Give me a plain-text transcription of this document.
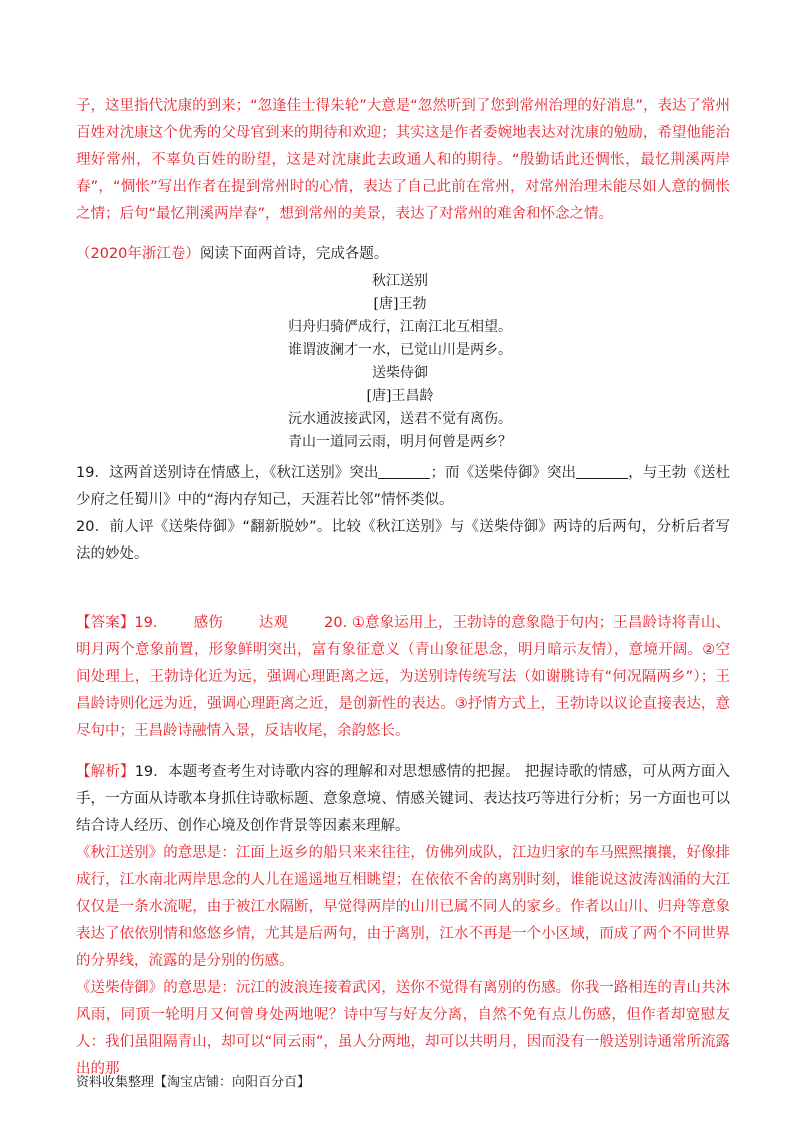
子，这里指代沈康的到来；“忽逢佳士得朱轮”大意是“忽然听到了您到常州治理的好消息”，表达了常州百姓对沈康这个优秀的父母官到来的期待和欢迎；其实这是作者委婉地表达对沈康的勉励，希望他能治理好常州，不辜负百姓的盼望，这是对沈康此去政通人和的期待。“殷勤话此还惆怅，最忆荆溪两岸春”，“惆怅”写出作者在提到常州时的心情，表达了自己此前在常州，对常州治理未能尽如人意的惆怅之情；后句“最忆荆溪两岸春”，想到常州的美景，表达了对常州的难舍和怀念之情。

（2020年浙江卷）阅读下面两首诗，完成各题。

秋江送别
[唐]王勃
归舟归骑俨成行，江南江北互相望。
谁谓波澜才一水，已觉山川是两乡。
送柴侍御
[唐]王昌龄
沅水通波接武冈，送君不觉有离伤。
青山一道同云雨，明月何曾是两乡？

19．这两首送别诗在情感上，《秋江送别》突出	；而《送柴侍御》突出	，与王勃《送杜少府之任蜀川》中的“海内存知己，天涯若比邻”情怀类似。

20．前人评《送柴侍御》“翻新脱妙”。比较《秋江送别》与《送柴侍御》两诗的后两句，分析后者写法的妙处。

【答案】19. 感伤 达观 20. ①意象运用上，王勃诗的意象隐于句内；王昌龄诗将青山、明月两个意象前置，形象鲜明突出，富有象征意义（青山象征思念，明月暗示友情），意境开阔。②空间处理上，王勃诗化近为远，强调心理距离之远，为送别诗传统写法（如谢朓诗有“何况隔两乡”）；王昌龄诗则化远为近，强调心理距离之近，是创新性的表达。③抒情方式上，王勃诗以议论直接表达，意尽句中；王昌龄诗融情入景，反诘收尾，余韵悠长。

【解析】19．本题考查考生对诗歌内容的理解和对思想感情的把握。 把握诗歌的情感，可从两方面入手，一方面从诗歌本身抓住诗歌标题、意象意境、情感关键词、表达技巧等进行分析；另一方面也可以结合诗人经历、创作心境及创作背景等因素来理解。

《秋江送别》的意思是：江面上返乡的船只来来往往，仿佛列成队，江边归家的车马熙熙攘攘，好像排成行，江水南北两岸思念的人儿在遥遥地互相眺望；在依依不舍的离别时刻，谁能说这波涛汹涌的大江仅仅是一条水流呢，由于被江水隔断，早觉得两岸的山川已属不同人的家乡。作者以山川、归舟等意象表达了依依别情和悠悠乡情，尤其是后两句，由于离别，江水不再是一个小区域，而成了两个不同世界的分界线，流露的是分别的伤感。

《送柴侍御》的意思是：沅江的波浪连接着武冈，送你不觉得有离别的伤感。你我一路相连的青山共沐风雨，同顶一轮明月又何曾身处两地呢？诗中写与好友分离，自然不免有点儿伤感，但作者却宽慰友人：我们虽阻隔青山，却可以“同云雨”，虽人分两地，却可以共明月，因而没有一般送别诗通常所流露出的那

资料收集整理【淘宝店铺：向阳百分百】
